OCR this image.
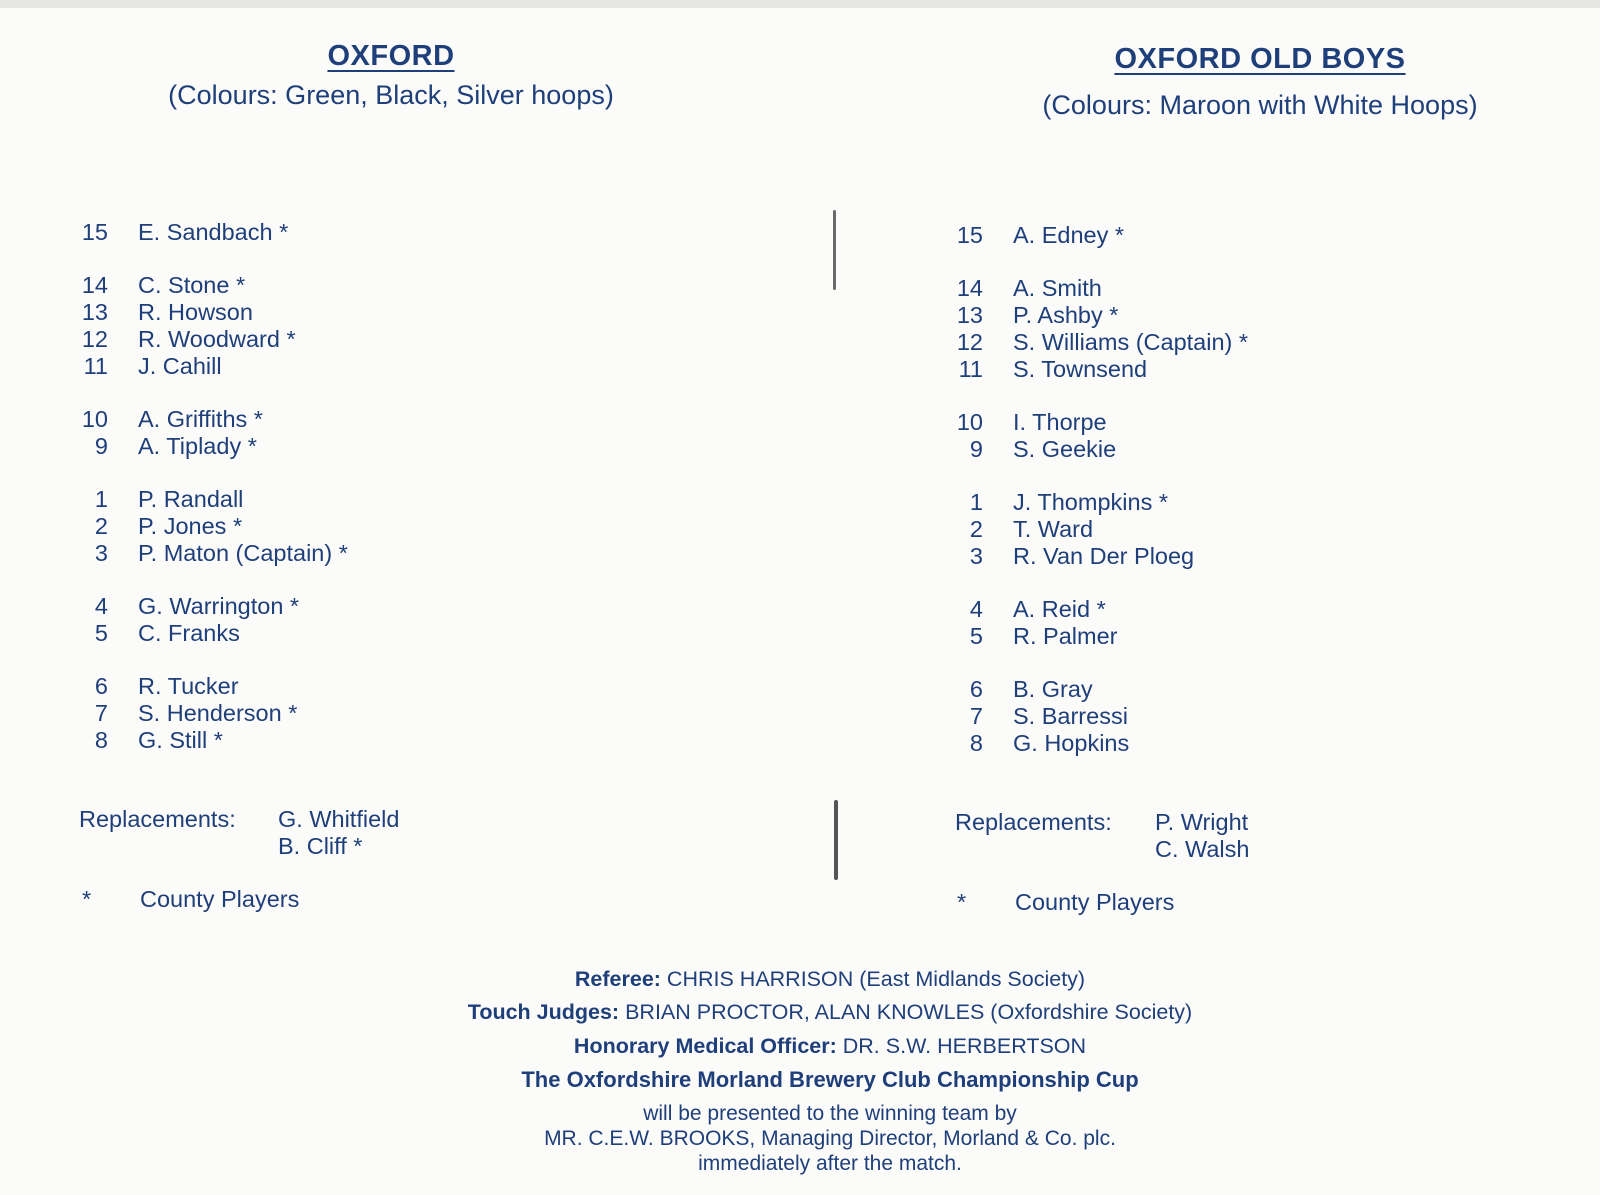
OXFORD
(Colours: Green, Black, Silver hoops)
15 E. Sandbach *
14 C. Stone *
13 R. Howson
12 R. Woodward *
11 J. Cahill
10 A. Griffiths *
9 A. Tiplady *
1 P. Randall
2 P. Jones *
3 P. Maton (Captain) *
4 G. Warrington *
5 C. Franks
6 R. Tucker
7 S. Henderson *
8 G. Still *
Replacements: G. Whitfield
B. Cliff *
* County Players
OXFORD OLD BOYS
(Colours: Maroon with White Hoops)
15 A. Edney *
14 A. Smith
13 P. Ashby *
12 S. Williams (Captain) *
11 S. Townsend
10 I. Thorpe
9 S. Geekie
1 J. Thompkins *
2 T. Ward
3 R. Van Der Ploeg
4 A. Reid *
5 R. Palmer
6 B. Gray
7 S. Barressi
8 G. Hopkins
Replacements: P. Wright
C. Walsh
* County Players
Referee: CHRIS HARRISON (East Midlands Society)
Touch Judges: BRIAN PROCTOR, ALAN KNOWLES (Oxfordshire Society)
Honorary Medical Officer: DR. S.W. HERBERTSON
The Oxfordshire Morland Brewery Club Championship Cup
will be presented to the winning team by
MR. C.E.W. BROOKS, Managing Director, Morland & Co. plc.
immediately after the match.
